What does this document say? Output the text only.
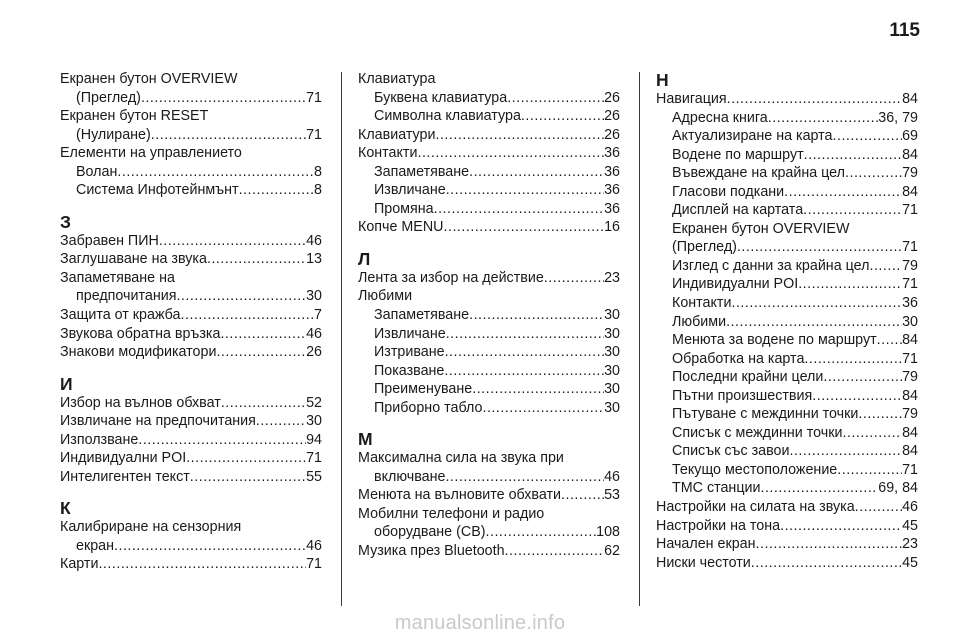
115
Екранен бутон OVERVIEW
(Преглед) .....	71
Екранен бутон RESET
(Нулиране) .....	71
Елементи на управлението
Волан .....	8
Система Инфотейнмънт .....	8
З
Забравен ПИН .....	46
Заглушаване на звука .....	13
Запаметяване на
предпочитания .....	30
Защита от кражба .....	7
Звукова обратна връзка .....	46
Знакови модификатори .....	26
И
Избор на вълнов обхват .....	52
Извличане на предпочитания .....	30
Използване .....	94
Индивидуални POI .....	71
Интелигентен текст .....	55
К
Калибриране на сензорния
екран .....	46
Карти .....	71
Клавиатура
Буквена клавиатура .....	26
Символна клавиатура .....	26
Клавиатури .....	26
Контакти .....	36
Запаметяване .....	36
Извличане .....	36
Промяна .....	36
Копче MENU .....	16
Л
Лента за избор на действие .....	23
Любими
Запаметяване .....	30
Извличане .....	30
Изтриване .....	30
Показване .....	30
Преименуване .....	30
Приборно табло .....	30
М
Максимална сила на звука при
включване .....	46
Менюта на вълновите обхвати .....	53
Мобилни телефони и радио
оборудване (CB) .....	108
Музика през Bluetooth .....	62
Н
Навигация .....	84
Адресна книга .....	36, 79
Актуализиране на карта .....	69
Водене по маршрут .....	84
Въвеждане на крайна цел .....	79
Гласови подкани .....	84
Дисплей на картата .....	71
Екранен бутон OVERVIEW
(Преглед) .....	71
Изглед с данни за крайна цел ..... 79
Индивидуални POI .....	71
Контакти .....	36
Любими .....	30
Менюта за водене по маршрут ..... 84
Обработка на карта .....	71
Последни крайни цели .....	79
Пътни произшествия .....	84
Пътуване с междинни точки .....	79
Списък с междинни точки .....	84
Списък със завои .....	84
Текущо местоположение .....	71
TMC станции .....	69, 84
Настройки на силата на звука .....	46
Настройки на тона .....	45
Начален екран .....	23
Ниски честоти .....	45
manualsonline.info
